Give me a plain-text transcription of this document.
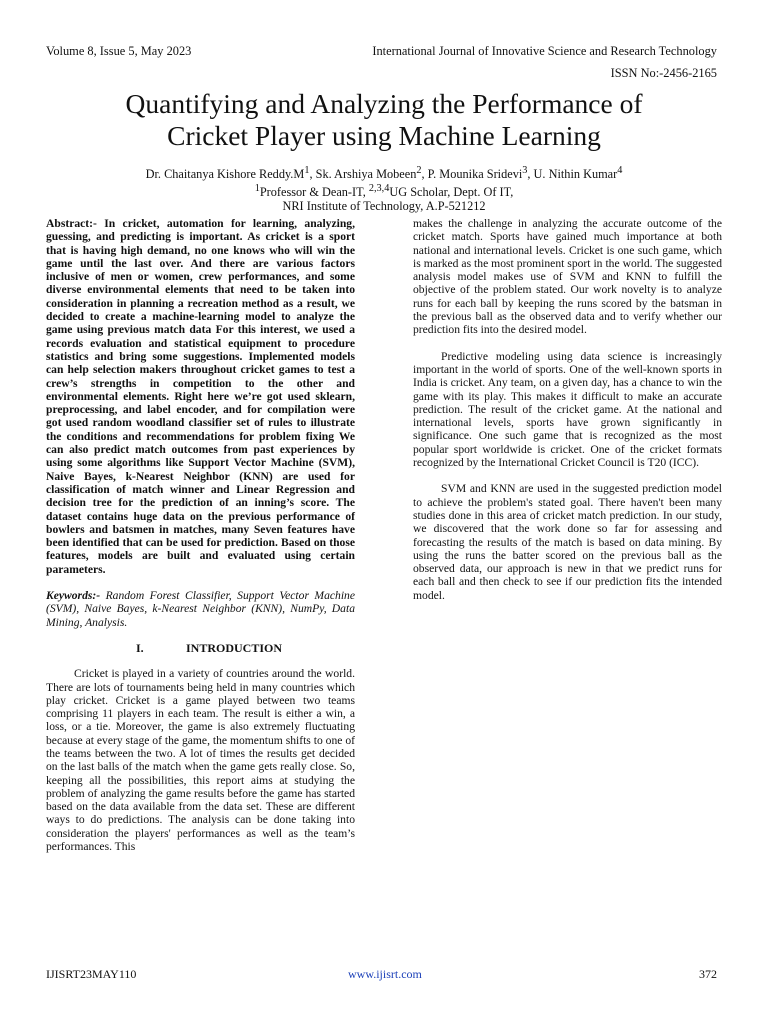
Volume 8, Issue 5, May 2023	International Journal of Innovative Science and Research Technology
ISSN No:-2456-2165
Quantifying and Analyzing the Performance of
Cricket Player using Machine Learning
Dr. Chaitanya Kishore $Reddy.M^1$, Sk. Arshiya Mobeen$^2$, P. Mounika Sridevi$^3$, U. Nithin Kumar$^4$
$^1$Professor & Dean-IT, $^{2,3,4}$UG Scholar, Dept. Of IT,
NRI Institute of Technology, A.P-521212

Abstract:- In cricket, automation for learning, analyzing, guessing, and predicting is important. As cricket is a sport that is having high demand, no one knows who will win the game until the last over. And there are various factors inclusive of men or women, crew performances, and some diverse environmental elements that need to be taken into consideration in planning a recreation method as a result, we decided to create a machine-learning model to analyze the game using previous match data For this interest, we used a records evaluation and statistical equipment to procedure statistics and bring some suggestions. Implemented models can help selection makers throughout cricket games to test a crew’s strengths in competition to the other and environmental elements. Right here we’re got used sklearn, preprocessing, and label encoder, and for compilation were got used random woodland classifier set of rules to illustrate the conditions and recommendations for problem fixing We can also predict match outcomes from past experiences by using some algorithms like Support Vector Machine (SVM), Naive Bayes, k-Nearest Neighbor (KNN) are used for classification of match winner and Linear Regression and decision tree for the prediction of an inning’s score. The dataset contains huge data on the previous performance of bowlers and batsmen in matches, many Seven features have been identified that can be used for prediction. Based on those features, models are built and evaluated using certain parameters.

Keywords:- Random Forest Classifier, Support Vector Machine (SVM), Naive Bayes, k-Nearest Neighbor (KNN), NumPy, Data Mining, Analysis.

I.	INTRODUCTION

Cricket is played in a variety of countries around the world. There are lots of tournaments being held in many countries which play cricket. Cricket is a game played between two teams comprising 11 players in each team. The result is either a win, a loss, or a tie. Moreover, the game is also extremely fluctuating because at every stage of the game, the momentum shifts to one of the teams between the two. A lot of times the results get decided on the last balls of the match when the game gets really close. So, keeping all the possibilities, this report aims at studying the problem of analyzing the game results before the game has started based on the data available from the data set. These are different ways to do predictions. The analysis can be done taking into consideration the players' performances as well as the team’s performances. This

makes the challenge in analyzing the accurate outcome of the cricket match. Sports have gained much importance at both national and international levels. Cricket is one such game, which is marked as the most prominent sport in the world. The suggested analysis model makes use of SVM and KNN to fulfill the objective of the problem stated. Our work novelty is to analyze runs for each ball by keeping the runs scored by the batsman in the previous ball as the observed data and to verify whether our prediction fits into the desired model.

Predictive modeling using data science is increasingly important in the world of sports. One of the well-known sports in India is cricket. Any team, on a given day, has a chance to win the game with its play. This makes it difficult to make an accurate prediction. The result of the cricket game. At the national and international levels, sports have grown significantly in significance. One such game that is recognized as the most popular sport worldwide is cricket. One of the cricket formats recognized by the International Cricket Council is T20 (ICC).

SVM and KNN are used in the suggested prediction model to achieve the problem's stated goal. There haven't been many studies done in this area of cricket match prediction. In our study, we discovered that the work done so far for assessing and forecasting the results of the match is based on data mining. By using the runs the batter scored on the previous ball as the observed data, our approach is new in that we predict runs for each ball and then check to see if our prediction fits the intended model.

IJISRT23MAY110	www.ijisrt.com	372
